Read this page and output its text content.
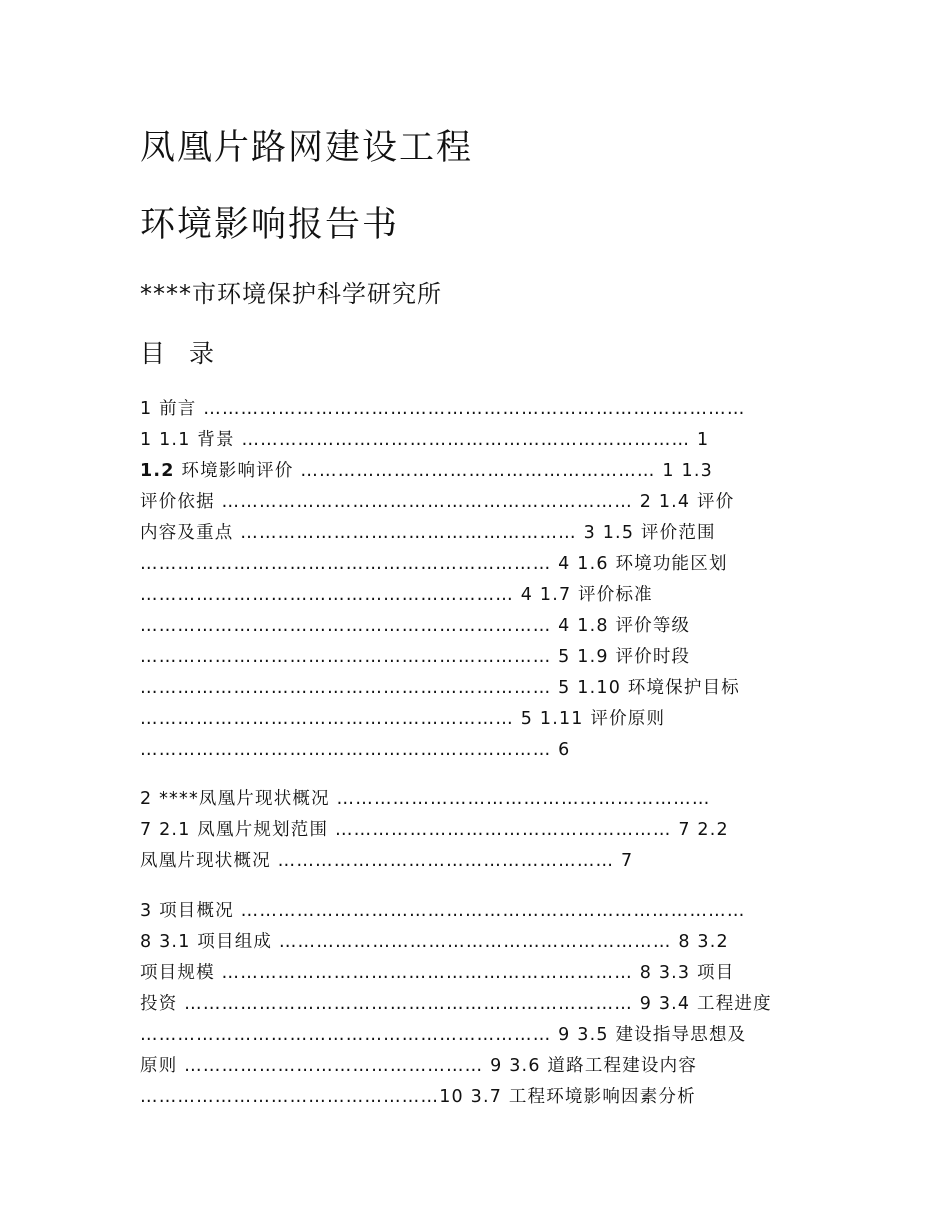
凤凰片路网建设工程
环境影响报告书
****市环境保护科学研究所
目 录
1 前言 ……………………………………………………………………………
1 1.1 背景 ……………………………………………………………… 1
1.2 环境影响评价 ………………………………………………… 1 1.3
评价依据 ………………………………………………………… 2 1.4 评价
内容及重点 ……………………………………………… 3 1.5 评价范围
………………………………………………………… 4 1.6 环境功能区划
…………………………………………………… 4 1.7 评价标准
………………………………………………………… 4 1.8 评价等级
………………………………………………………… 5 1.9 评价时段
………………………………………………………… 5 1.10 环境保护目标
…………………………………………………… 5 1.11 评价原则
………………………………………………………… 6
2 ****凤凰片现状概况 ……………………………………………………
7 2.1 凤凰片规划范围 ……………………………………………… 7 2.2
凤凰片现状概况 ……………………………………………… 7
3 项目概况 ………………………………………………………………………
8 3.1 项目组成 ……………………………………………………… 8 3.2
项目规模 ………………………………………………………… 8 3.3 项目
投资 ……………………………………………………………… 9 3.4 工程进度
………………………………………………………… 9 3.5 建设指导思想及
原则 ………………………………………… 9 3.6 道路工程建设内容
…………………………………………10 3.7 工程环境影响因素分析
